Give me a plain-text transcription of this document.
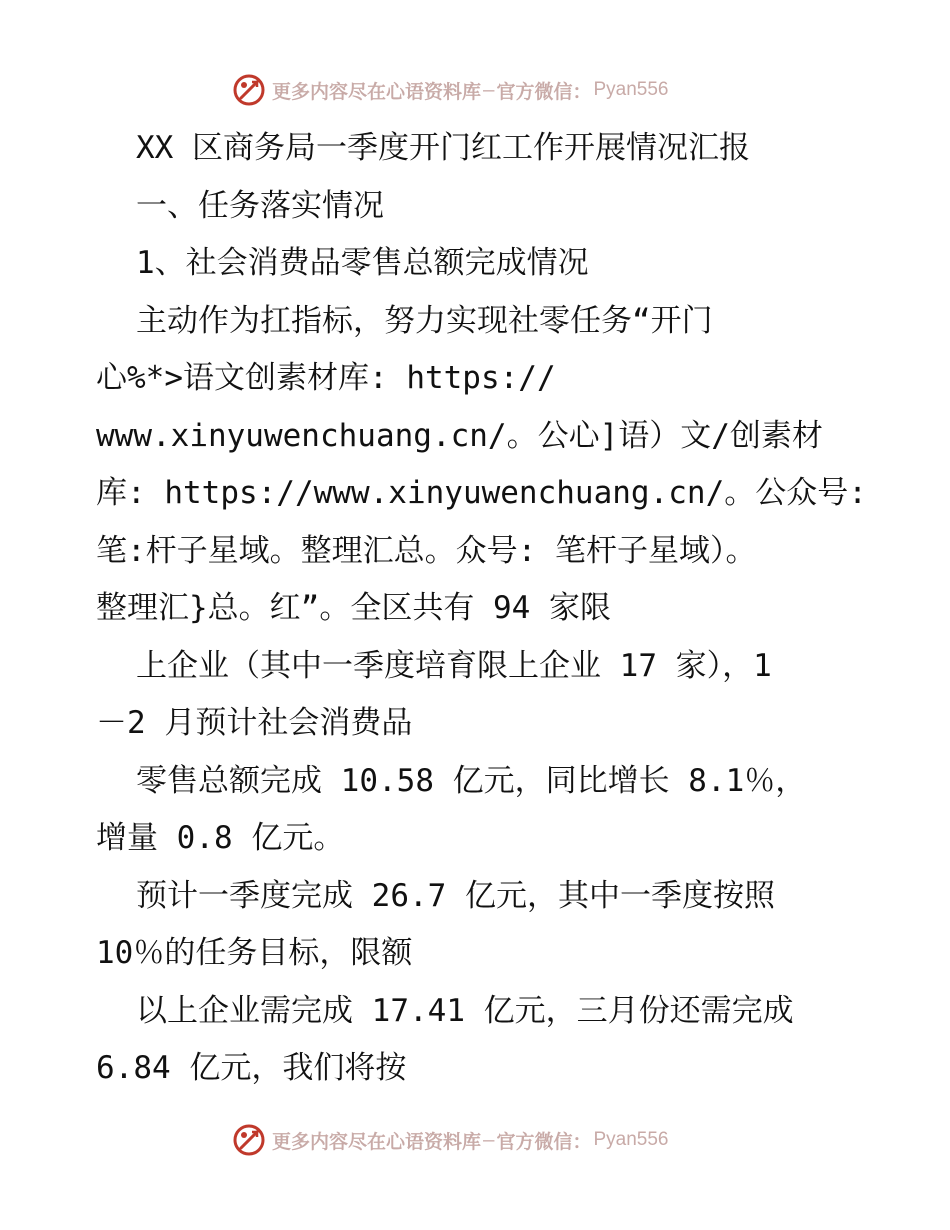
更多内容尽在心语资料库 — 官方微信： Pyan556
XX 区商务局一季度开门红工作开展情况汇报
一、任务落实情况
1、社会消费品零售总额完成情况
主动作为扛指标，努力实现社零任务“开门
心%*>语文创素材库: https://
www.xinyuwenchuang.cn/。公心]语）文/创素材
库: https://www.xinyuwenchuang.cn/。公众号:
笔:杆子星域。整理汇总。众号: 笔杆子星域）。
整理汇}总。红”。全区共有 94 家限
上企业（其中一季度培育限上企业 17 家），1
－2 月预计社会消费品
零售总额完成 10.58 亿元，同比增长 8.1％，
增量 0.8 亿元。
预计一季度完成 26.7 亿元，其中一季度按照
10％的任务目标，限额
以上企业需完成 17.41 亿元，三月份还需完成
6.84 亿元，我们将按
更多内容尽在心语资料库 — 官方微信： Pyan556
